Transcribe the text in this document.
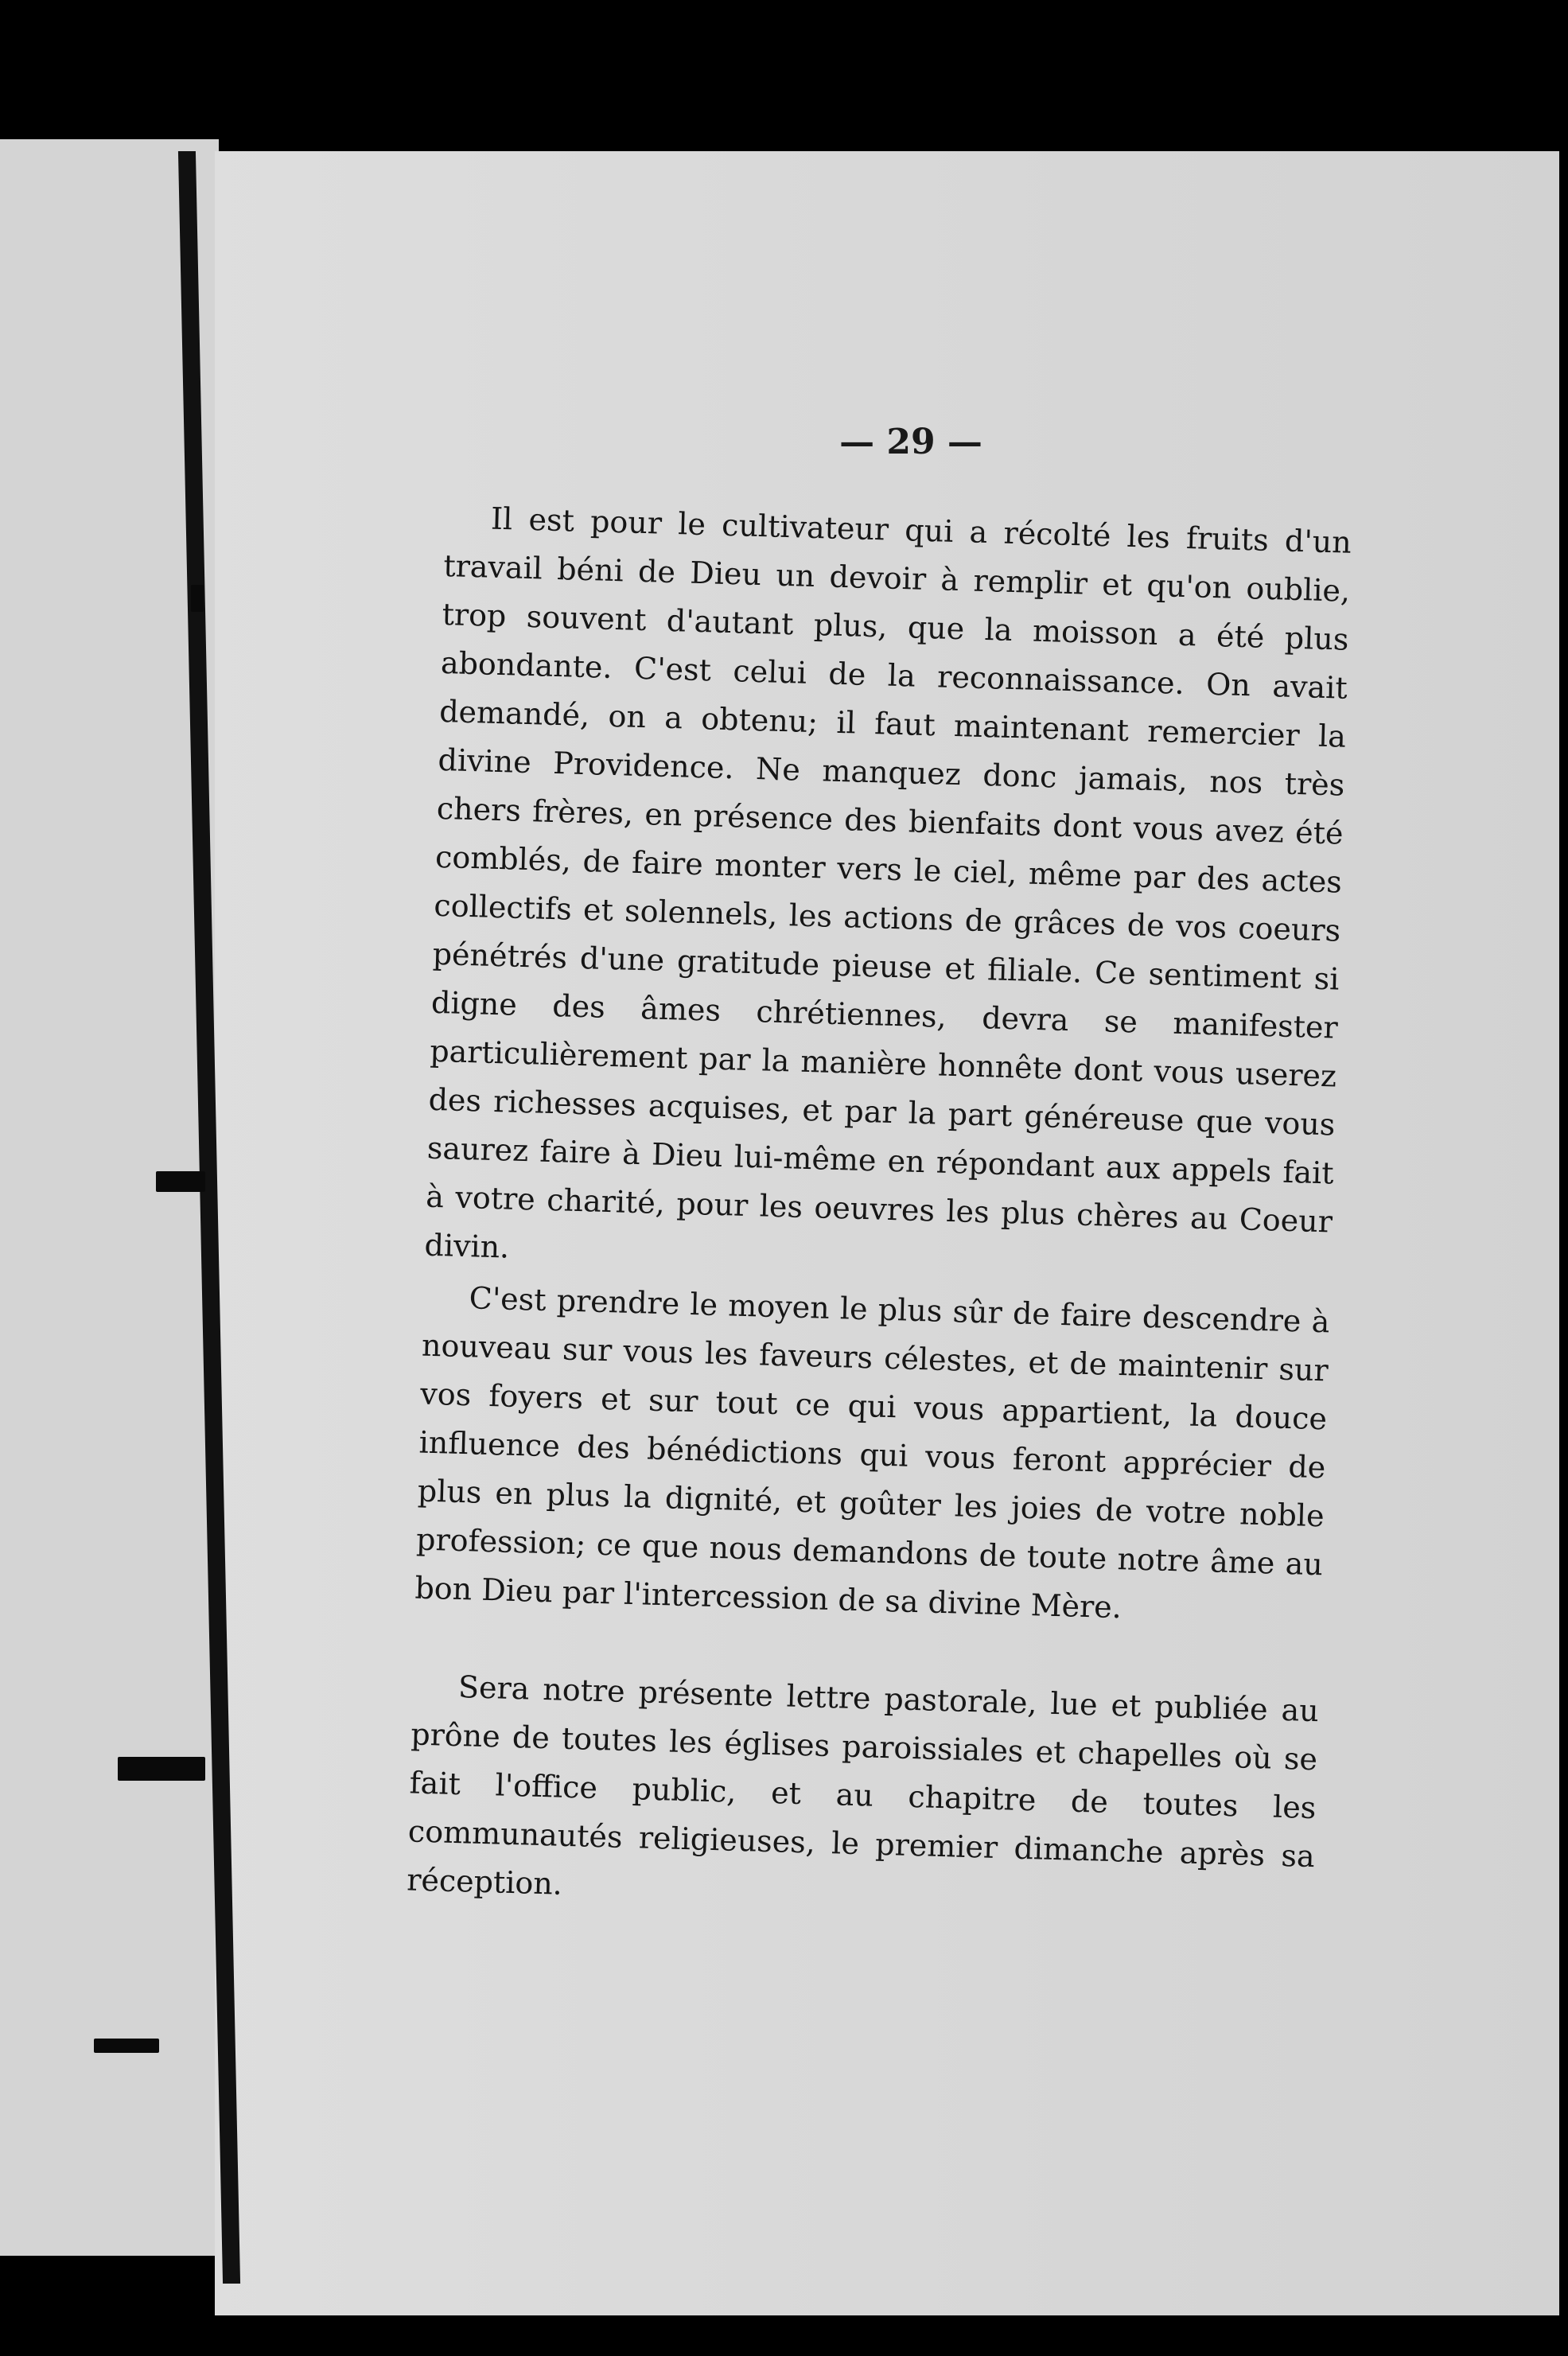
— 29 —

Il est pour le cultivateur qui a récolté les fruits d'un travail béni de Dieu un devoir à remplir et qu'on oublie, trop souvent d'autant plus, que la moisson a été plus abondante. C'est celui de la reconnaissance. On avait demandé, on a obtenu; il faut maintenant remercier la divine Providence. Ne manquez donc jamais, nos très chers frères, en présence des bienfaits dont vous avez été comblés, de faire monter vers le ciel, même par des actes collectifs et solennels, les actions de grâces de vos coeurs pénétrés d'une gratitude pieuse et filiale. Ce sentiment si digne des âmes chrétiennes, devra se manifester particulièrement par la manière honnête dont vous userez des richesses acquises, et par la part généreuse que vous saurez faire à Dieu lui-même en répondant aux appels fait à votre charité, pour les oeuvres les plus chères au Coeur divin.

C'est prendre le moyen le plus sûr de faire descendre à nouveau sur vous les faveurs célestes, et de maintenir sur vos foyers et sur tout ce qui vous appartient, la douce influence des bénédictions qui vous feront apprécier de plus en plus la dignité, et goûter les joies de votre noble profession; ce que nous demandons de toute notre âme au bon Dieu par l'intercession de sa divine Mère.

Sera notre présente lettre pastorale, lue et publiée au prône de toutes les églises paroissiales et chapelles où se fait l'office public, et au chapitre de toutes les communautés religieuses, le premier dimanche après sa réception.
